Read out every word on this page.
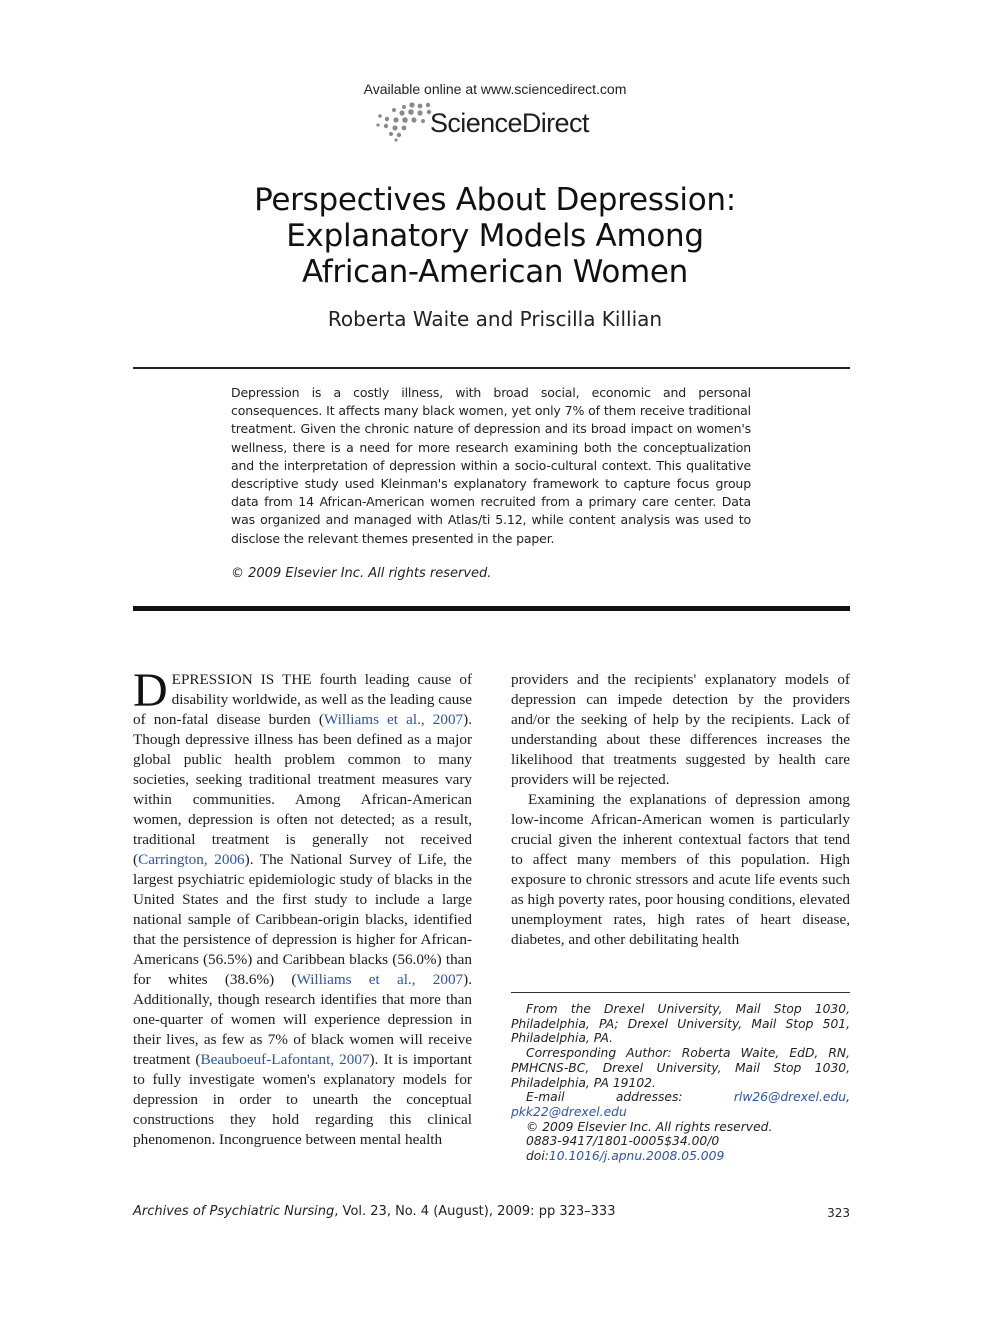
Available online at www.sciencedirect.com
ScienceDirect
Perspectives About Depression:
Explanatory Models Among
African-American Women
Roberta Waite and Priscilla Killian

Depression is a costly illness, with broad social, economic and personal consequences. It affects many black women, yet only 7% of them receive traditional treatment. Given the chronic nature of depression and its broad impact on women's wellness, there is a need for more research examining both the conceptualization and the interpretation of depression within a socio-cultural context. This qualitative descriptive study used Kleinman's explanatory framework to capture focus group data from 14 African-American women recruited from a primary care center. Data was organized and managed with Atlas/ti 5.12, while content analysis was used to disclose the relevant themes presented in the paper.

© 2009 Elsevier Inc. All rights reserved.

DEPRESSION IS THE fourth leading cause of disability worldwide, as well as the leading cause of non-fatal disease burden (Williams et al., 2007). Though depressive illness has been defined as a major global public health problem common to many societies, seeking traditional treatment measures vary within communities. Among African-American women, depression is often not detected; as a result, traditional treatment is generally not received (Carrington, 2006). The National Survey of Life, the largest psychiatric epidemiologic study of blacks in the United States and the first study to include a large national sample of Caribbean-origin blacks, identified that the persistence of depression is higher for African-Americans (56.5%) and Caribbean blacks (56.0%) than for whites (38.6%) (Williams et al., 2007). Additionally, though research identifies that more than one-quarter of women will experience depression in their lives, as few as 7% of black women will receive treatment (Beauboeuf-Lafontant, 2007). It is important to fully investigate women's explanatory models for depression in order to unearth the conceptual constructions they hold regarding this clinical phenomenon. Incongruence between mental health

providers and the recipients' explanatory models of depression can impede detection by the providers and/or the seeking of help by the recipients. Lack of understanding about these differences increases the likelihood that treatments suggested by health care providers will be rejected.

Examining the explanations of depression among low-income African-American women is particularly crucial given the inherent contextual factors that tend to affect many members of this population. High exposure to chronic stressors and acute life events such as high poverty rates, poor housing conditions, elevated unemployment rates, high rates of heart disease, diabetes, and other debilitating health

From the Drexel University, Mail Stop 1030, Philadelphia, PA; Drexel University, Mail Stop 501, Philadelphia, PA.

Corresponding Author: Roberta Waite, EdD, RN, PMHCNS-BC, Drexel University, Mail Stop 1030, Philadelphia, PA 19102.

E-mail addresses: rlw26@drexel.edu, pkk22@drexel.edu

© 2009 Elsevier Inc. All rights reserved.

0883-9417/1801-0005$34.00/0

doi:10.1016/j.apnu.2008.05.009

Archives of Psychiatric Nursing, Vol. 23, No. 4 (August), 2009: pp 323–333	323
